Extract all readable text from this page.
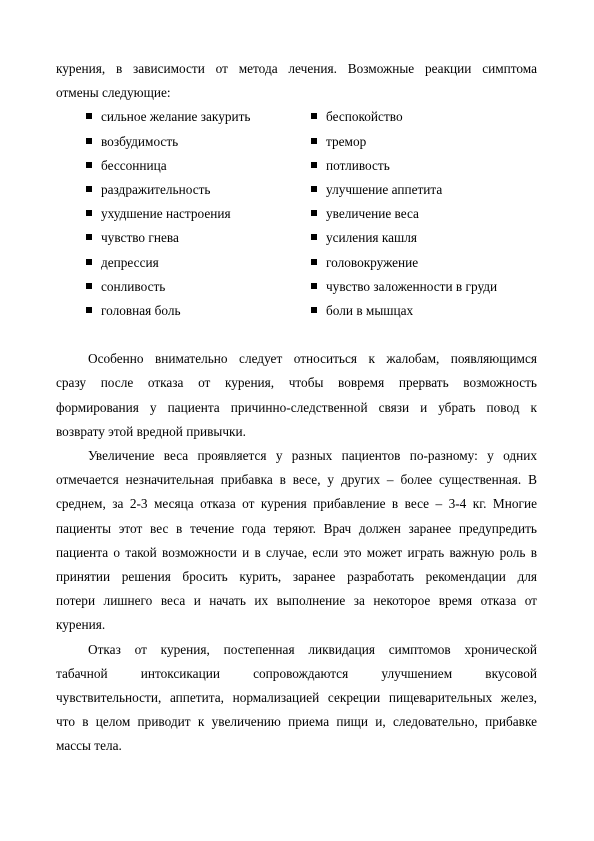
курения, в зависимости от метода лечения. Возможные реакции симптома

отмены следующие:

сильное желание закурить
возбудимость
бессонница
раздражительность
ухудшение настроения
чувство гнева
депрессия
сонливость
головная боль
беспокойство
тремор
потливость
улучшение аппетита
увеличение веса
усиления кашля
головокружение
чувство заложенности в груди
боли в мышцах

Особенно внимательно следует относиться к жалобам, появляющимся

сразу после отказа от курения, чтобы вовремя прервать возможность

формирования у пациента причинно-следственной связи и убрать повод к

возврату этой вредной привычки.

Увеличение веса проявляется у разных пациентов по-разному: у одних

отмечается незначительная прибавка в весе, у других – более существенная. В

среднем, за 2-3 месяца отказа от курения прибавление в весе – 3-4 кг. Многие

пациенты этот вес в течение года теряют. Врач должен заранее предупредить

пациента о такой возможности и в случае, если это может играть важную роль в

принятии решения бросить курить, заранее разработать рекомендации для

потери лишнего веса и начать их выполнение за некоторое время отказа от

курения.

Отказ от курения, постепенная ликвидация симптомов хронической

табачной интоксикации сопровождаются улучшением вкусовой

чувствительности, аппетита, нормализацией секреции пищеварительных желез,

что в целом приводит к увеличению приема пищи и, следовательно, прибавке

массы тела.
